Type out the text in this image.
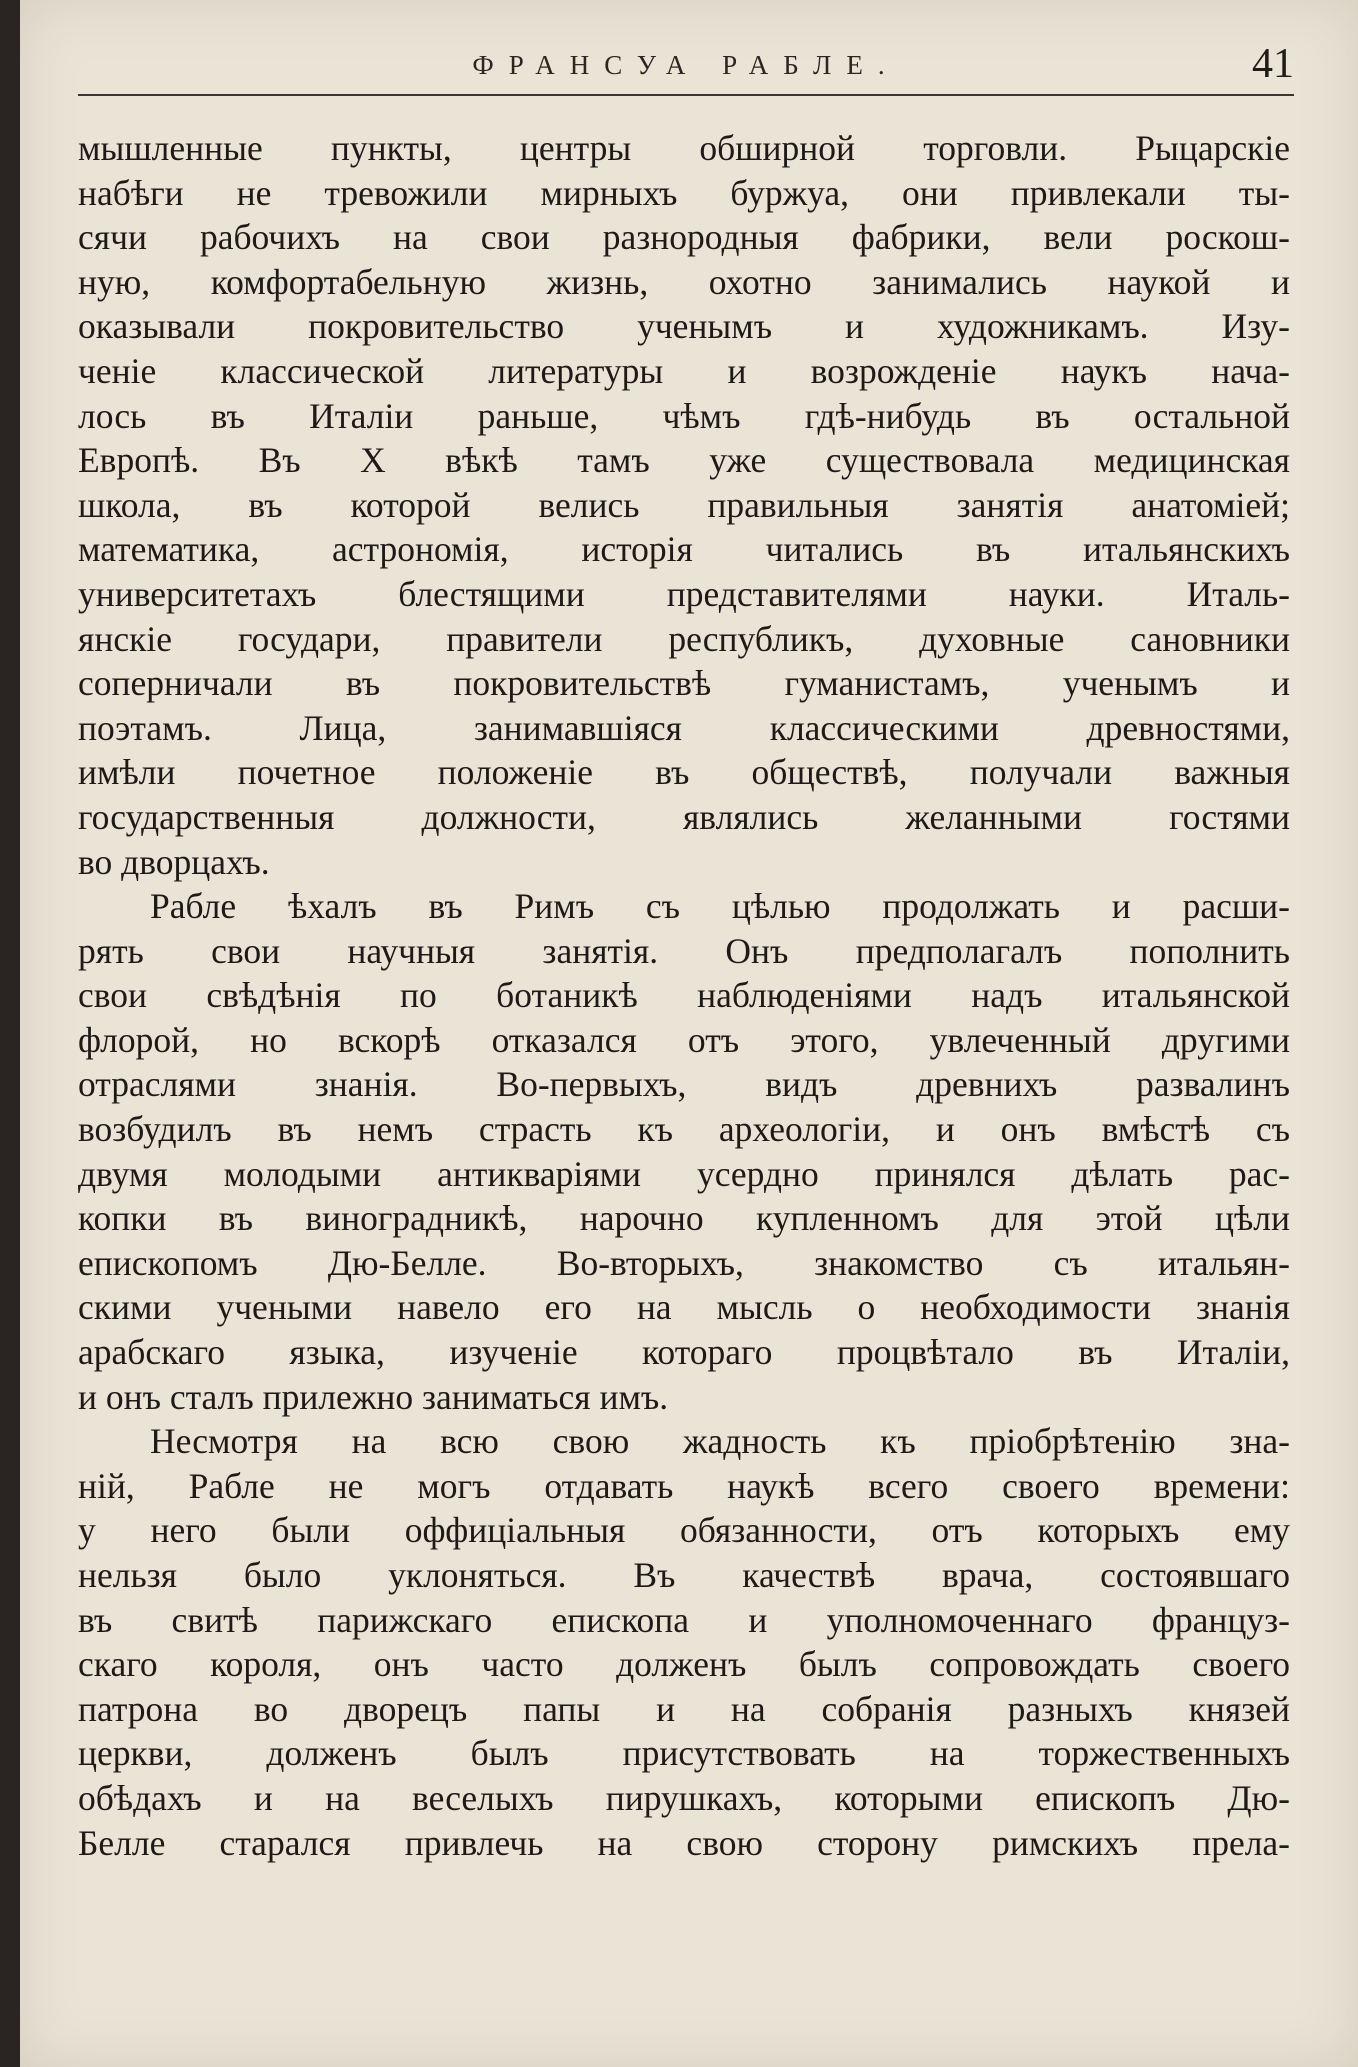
ФРАНСУА РАБЛЕ.	41
мышленные пункты, центры обширной торговли. Рыцарскіе
набѣги не тревожили мирныхъ буржуа, они привлекали ты-
сячи рабочихъ на свои разнородныя фабрики, вели роскош-
ную, комфортабельную жизнь, охотно занимались наукой и
оказывали покровительство ученымъ и художникамъ. Изу-
ченіе классической литературы и возрожденіе наукъ нача-
лось въ Италіи раньше, чѣмъ гдѣ-нибудь въ остальной
Европѣ. Въ X вѣкѣ тамъ уже существовала медицинская
школа, въ которой велись правильныя занятія анатоміей;
математика, астрономія, исторія читались въ итальянскихъ
университетахъ блестящими представителями науки. Италь-
янскіе государи, правители республикъ, духовные сановники
соперничали въ покровительствѣ гуманистамъ, ученымъ и
поэтамъ. Лица, занимавшіяся классическими древностями,
имѣли почетное положеніе въ обществѣ, получали важныя
государственныя должности, являлись желанными гостями
во дворцахъ.
Рабле ѣхалъ въ Римъ съ цѣлью продолжать и расши-
рять свои научныя занятія. Онъ предполагалъ пополнить
свои свѣдѣнія по ботаникѣ наблюденіями надъ итальянской
флорой, но вскорѣ отказался отъ этого, увлеченный другими
отраслями знанія. Во-первыхъ, видъ древнихъ развалинъ
возбудилъ въ немъ страсть къ археологіи, и онъ вмѣстѣ съ
двумя молодыми антикваріями усердно принялся дѣлать рас-
копки въ виноградникѣ, нарочно купленномъ для этой цѣли
епископомъ Дю-Белле. Во-вторыхъ, знакомство съ итальян-
скими учеными навело его на мысль о необходимости знанія
арабскаго языка, изученіе котораго процвѣтало въ Италіи,
и онъ сталъ прилежно заниматься имъ.
Несмотря на всю свою жадность къ пріобрѣтенію зна-
ній, Рабле не могъ отдавать наукѣ всего своего времени:
у него были оффиціальныя обязанности, отъ которыхъ ему
нельзя было уклоняться. Въ качествѣ врача, состоявшаго
въ свитѣ парижскаго епископа и уполномоченнаго француз-
скаго короля, онъ часто долженъ былъ сопровождать своего
патрона во дворецъ папы и на собранія разныхъ князей
церкви, долженъ былъ присутствовать на торжественныхъ
обѣдахъ и на веселыхъ пирушкахъ, которыми епископъ Дю-
Белле старался привлечь на свою сторону римскихъ прела-
